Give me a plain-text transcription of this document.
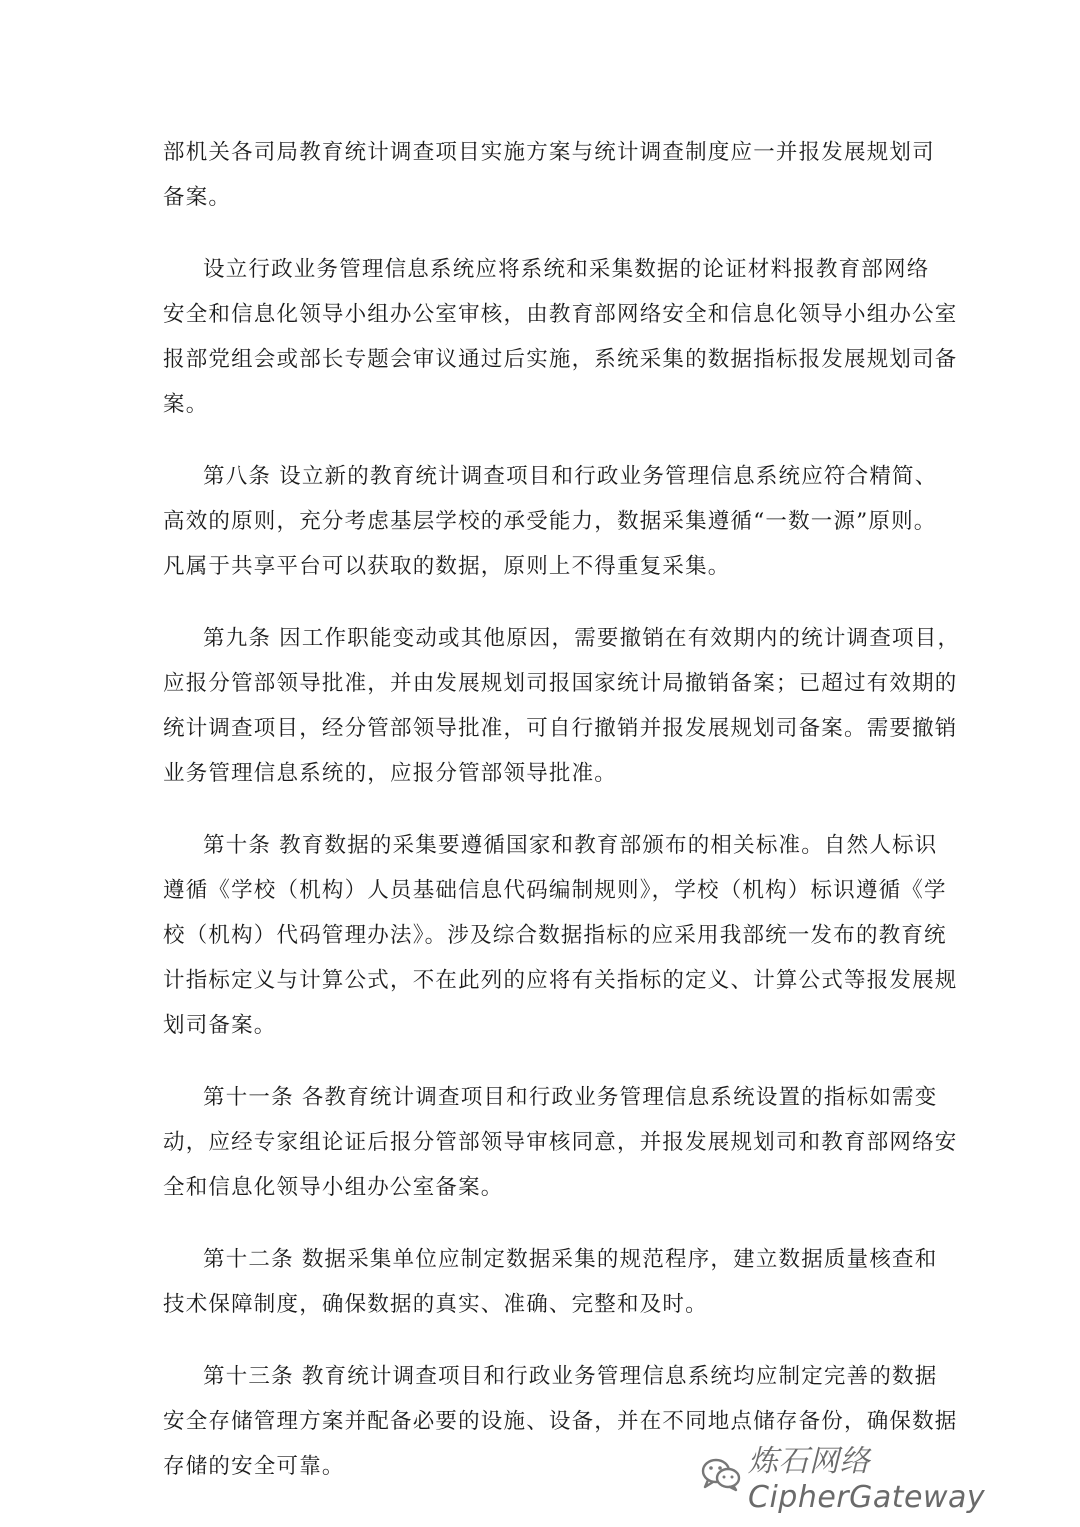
部机关各司局教育统计调查项目实施方案与统计调查制度应一并报发展规划司
备案。
设立行政业务管理信息系统应将系统和采集数据的论证材料报教育部网络
安全和信息化领导小组办公室审核，由教育部网络安全和信息化领导小组办公室
报部党组会或部长专题会审议通过后实施，系统采集的数据指标报发展规划司备
案。
第八条 设立新的教育统计调查项目和行政业务管理信息系统应符合精简、
高效的原则，充分考虑基层学校的承受能力，数据采集遵循“一数一源”原则。
凡属于共享平台可以获取的数据，原则上不得重复采集。
第九条 因工作职能变动或其他原因，需要撤销在有效期内的统计调查项目，
应报分管部领导批准，并由发展规划司报国家统计局撤销备案；已超过有效期的
统计调查项目，经分管部领导批准，可自行撤销并报发展规划司备案。需要撤销
业务管理信息系统的，应报分管部领导批准。
第十条 教育数据的采集要遵循国家和教育部颁布的相关标准。自然人标识
遵循《学校（机构）人员基础信息代码编制规则》，学校（机构）标识遵循《学
校（机构）代码管理办法》。涉及综合数据指标的应采用我部统一发布的教育统
计指标定义与计算公式，不在此列的应将有关指标的定义、计算公式等报发展规
划司备案。
第十一条 各教育统计调查项目和行政业务管理信息系统设置的指标如需变
动，应经专家组论证后报分管部领导审核同意，并报发展规划司和教育部网络安
全和信息化领导小组办公室备案。
第十二条 数据采集单位应制定数据采集的规范程序，建立数据质量核查和
技术保障制度，确保数据的真实、准确、完整和及时。
第十三条 教育统计调查项目和行政业务管理信息系统均应制定完善的数据
安全存储管理方案并配备必要的设施、设备，并在不同地点储存备份，确保数据
存储的安全可靠。	炼石网络CipherGateway
